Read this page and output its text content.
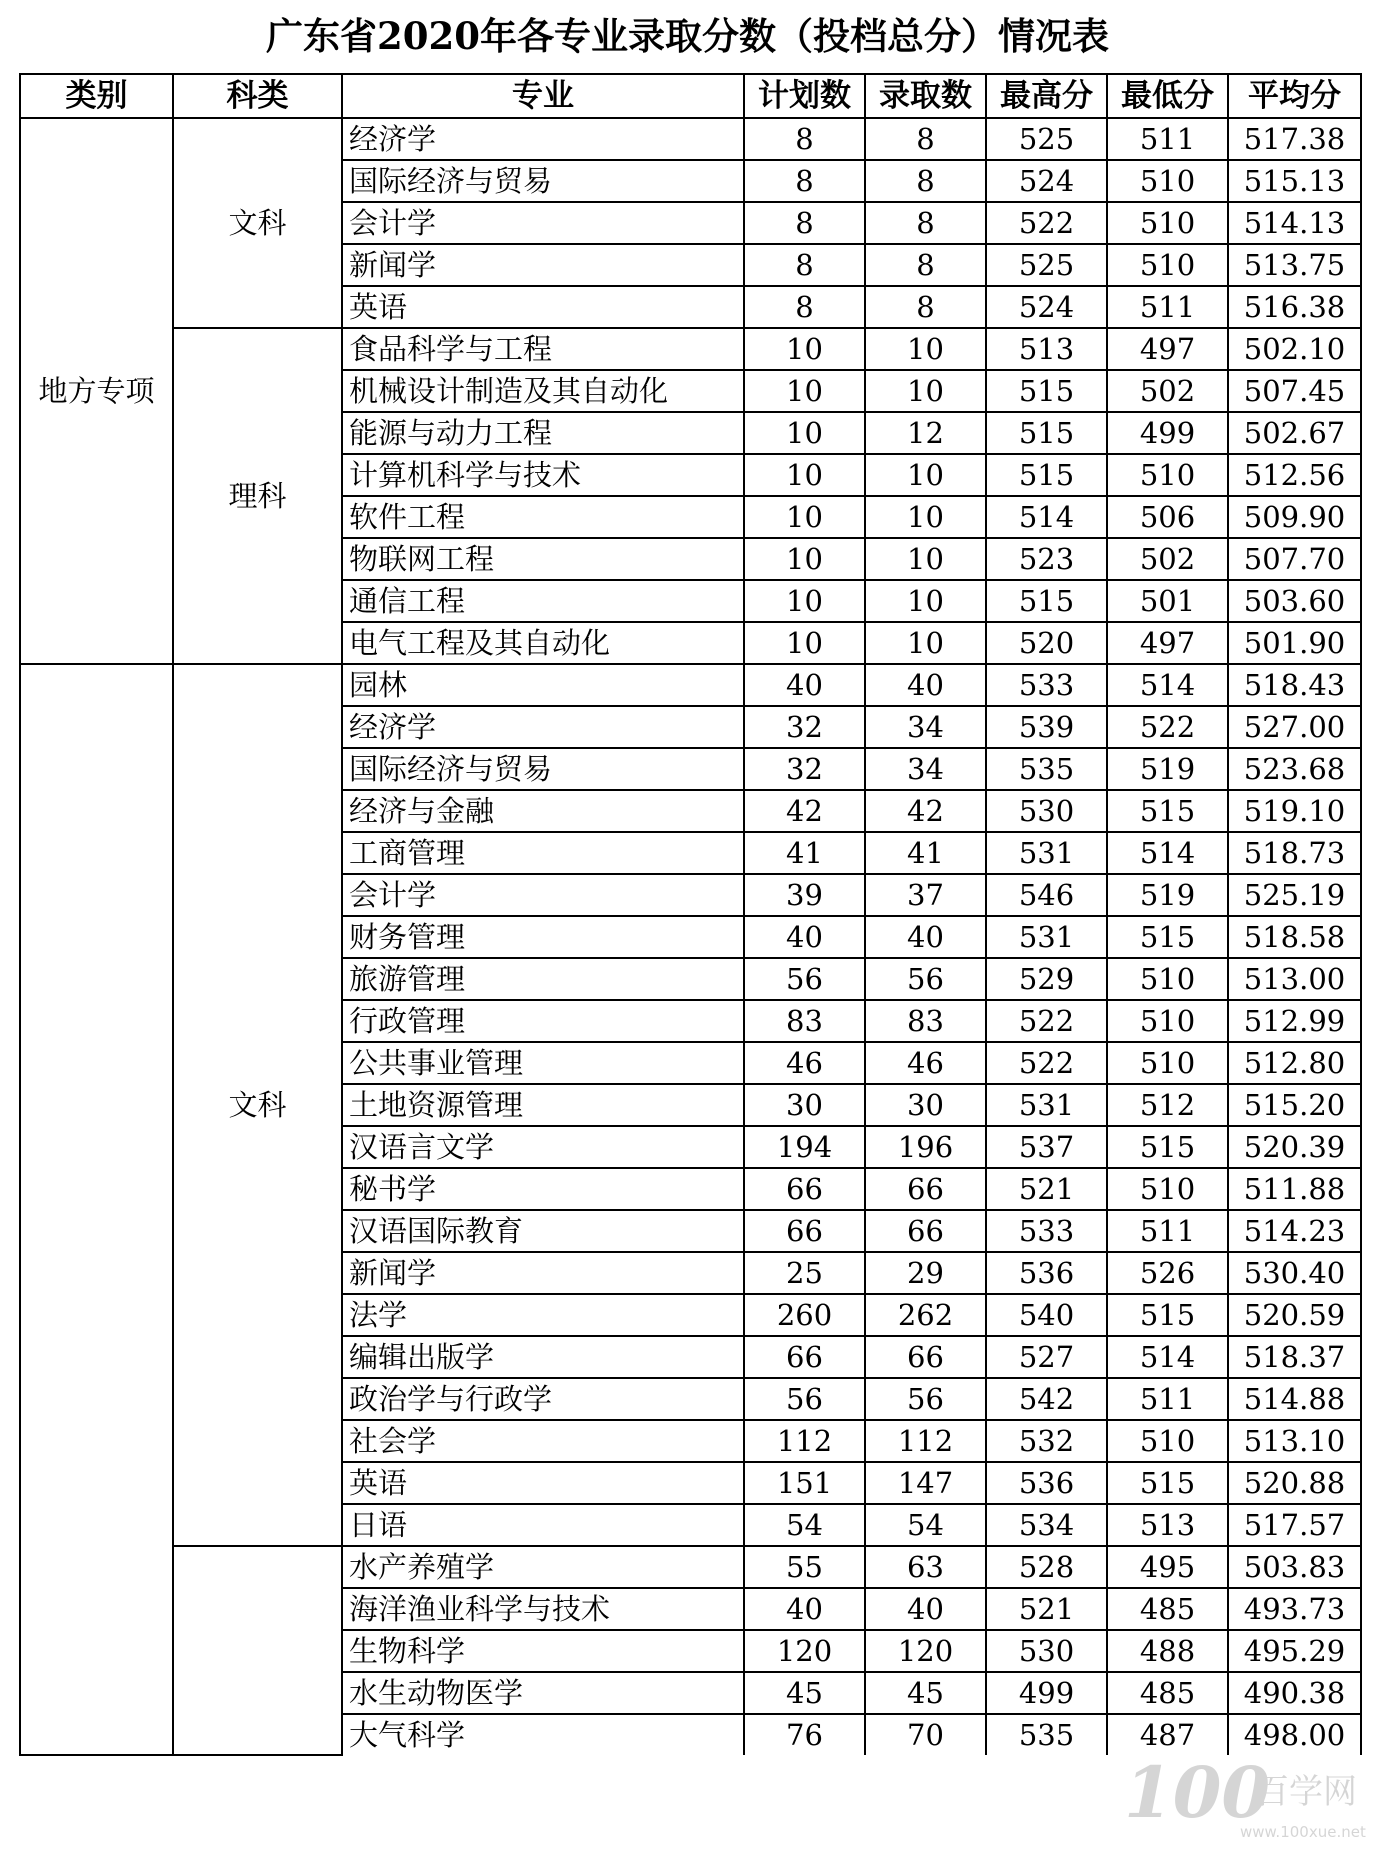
广东省2020年各专业录取分数（投档总分）情况表
类别	科类	专业	计划数	录取数	最高分	最低分	平均分
地方专项	文科	经济学	8	8	525	511	517.38
		国际经济与贸易	8	8	524	510	515.13
		会计学	8	8	522	510	514.13
		新闻学	8	8	525	510	513.75
		英语	8	8	524	511	516.38
	理科	食品科学与工程	10	10	513	497	502.10
		机械设计制造及其自动化	10	10	515	502	507.45
		能源与动力工程	10	12	515	499	502.67
		计算机科学与技术	10	10	515	510	512.56
		软件工程	10	10	514	506	509.90
		物联网工程	10	10	523	502	507.70
		通信工程	10	10	515	501	503.60
		电气工程及其自动化	10	10	520	497	501.90
	文科	园林	40	40	533	514	518.43
		经济学	32	34	539	522	527.00
		国际经济与贸易	32	34	535	519	523.68
		经济与金融	42	42	530	515	519.10
		工商管理	41	41	531	514	518.73
		会计学	39	37	546	519	525.19
		财务管理	40	40	531	515	518.58
		旅游管理	56	56	529	510	513.00
		行政管理	83	83	522	510	512.99
		公共事业管理	46	46	522	510	512.80
		土地资源管理	30	30	531	512	515.20
		汉语言文学	194	196	537	515	520.39
		秘书学	66	66	521	510	511.88
		汉语国际教育	66	66	533	511	514.23
		新闻学	25	29	536	526	530.40
		法学	260	262	540	515	520.59
		编辑出版学	66	66	527	514	518.37
		政治学与行政学	56	56	542	511	514.88
		社会学	112	112	532	510	513.10
		英语	151	147	536	515	520.88
		日语	54	54	534	513	517.57
		水产养殖学	55	63	528	495	503.83
		海洋渔业科学与技术	40	40	521	485	493.73
		生物科学	120	120	530	488	495.29
		水生动物医学	45	45	499	485	490.38
		大气科学	76	70	535	487	498.00
100
百学网
www.100xue.net
